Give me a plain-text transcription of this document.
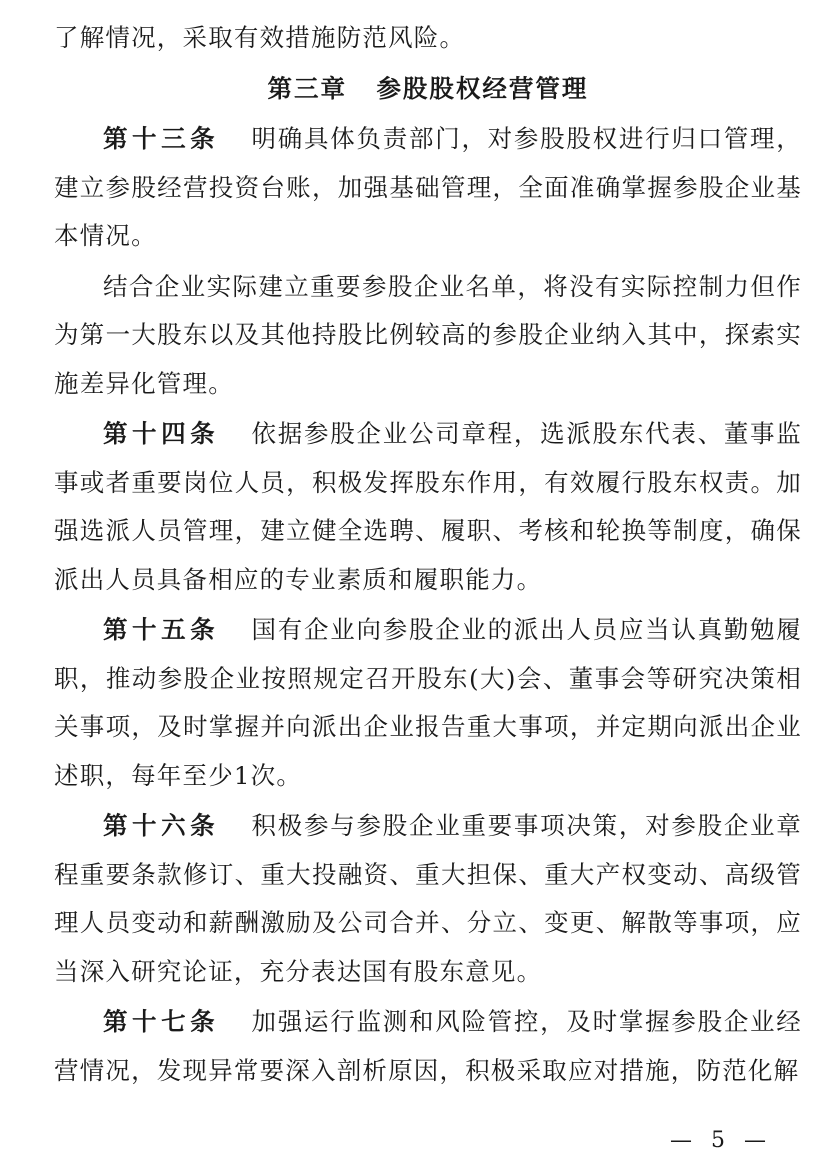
了解情况，采取有效措施防范风险。

第三章 参股股权经营管理

第十三条 明确具体负责部门，对参股股权进行归口管理，建立参股经营投资台账，加强基础管理，全面准确掌握参股企业基本情况。

结合企业实际建立重要参股企业名单，将没有实际控制力但作为第一大股东以及其他持股比例较高的参股企业纳入其中，探索实施差异化管理。

第十四条 依据参股企业公司章程，选派股东代表、董事监事或者重要岗位人员，积极发挥股东作用，有效履行股东权责。加强选派人员管理，建立健全选聘、履职、考核和轮换等制度，确保派出人员具备相应的专业素质和履职能力。

第十五条 国有企业向参股企业的派出人员应当认真勤勉履职，推动参股企业按照规定召开股东(大)会、董事会等研究决策相关事项，及时掌握并向派出企业报告重大事项，并定期向派出企业述职，每年至少1次。

第十六条 积极参与参股企业重要事项决策，对参股企业章程重要条款修订、重大投融资、重大担保、重大产权变动、高级管理人员变动和薪酬激励及公司合并、分立、变更、解散等事项，应当深入研究论证，充分表达国有股东意见。

第十七条 加强运行监测和风险管控，及时掌握参股企业经营情况，发现异常要深入剖析原因，积极采取应对措施，防范化解

— 5 —
